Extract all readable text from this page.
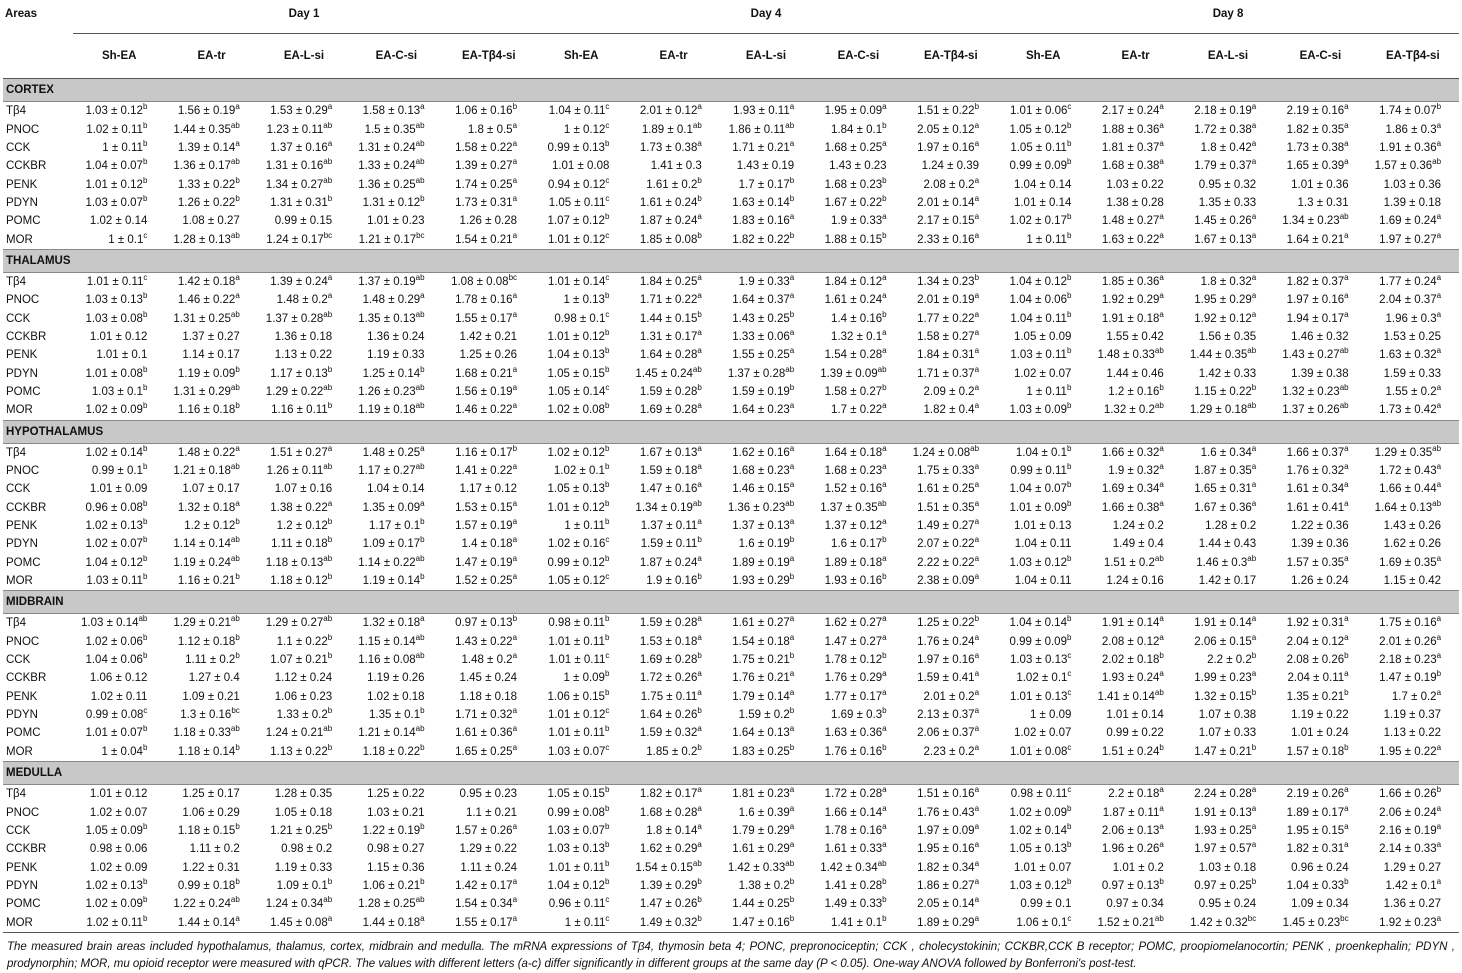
Areas	Day 1					Day 4					Day 8				
	Sh-EA	EA-tr	EA-L-si	EA-C-si	EA-Tβ4-si	Sh-EA	EA-tr	EA-L-si	EA-C-si	EA-Tβ4-si	Sh-EA	EA-tr	EA-L-si	EA-C-si	EA-Tβ4-si
CORTEX															
Tβ4	1.03 ± 0.12$^b$	1.56 ± 0.19$^a$	1.53 ± 0.29$^a$	1.58 ± 0.13$^a$	1.06 ± 0.16$^b$	1.04 ± 0.11$^c$	2.01 ± 0.12$^a$	1.93 ± 0.11$^a$	1.95 ± 0.09$^a$	1.51 ± 0.22$^b$	1.01 ± 0.06$^c$	2.17 ± 0.24$^a$	2.18 ± 0.19$^a$	2.19 ± 0.16$^a$	1.74 ± 0.07$^b$
PNOC	1.02 ± 0.11$^b$	1.44 ± 0.35$^{ab}$	1.23 ± 0.11$^{ab}$	1.5 ± 0.35$^{ab}$	1.8 ± 0.5$^a$	1 ± 0.12$^c$	1.89 ± 0.1$^{ab}$	1.86 ± 0.11$^{ab}$	1.84 ± 0.1$^b$	2.05 ± 0.12$^a$	1.05 ± 0.12$^b$	1.88 ± 0.36$^a$	1.72 ± 0.38$^a$	1.82 ± 0.35$^a$	1.86 ± 0.3$^a$
CCK	1 ± 0.11$^b$	1.39 ± 0.14$^a$	1.37 ± 0.16$^a$	1.31 ± 0.24$^{ab}$	1.58 ± 0.22$^a$	0.99 ± 0.13$^b$	1.73 ± 0.38$^a$	1.71 ± 0.21$^a$	1.68 ± 0.25$^a$	1.97 ± 0.16$^a$	1.05 ± 0.11$^b$	1.81 ± 0.37$^a$	1.8 ± 0.42$^a$	1.73 ± 0.38$^a$	1.91 ± 0.36$^a$
CCKBR	1.04 ± 0.07$^b$	1.36 ± 0.17$^{ab}$	1.31 ± 0.16$^{ab}$	1.33 ± 0.24$^{ab}$	1.39 ± 0.27$^a$	1.01 ± 0.08	1.41 ± 0.3	1.43 ± 0.19	1.43 ± 0.23	1.24 ± 0.39	0.99 ± 0.09$^b$	1.68 ± 0.38$^a$	1.79 ± 0.37$^a$	1.65 ± 0.39$^a$	1.57 ± 0.36$^{ab}$
PENK	1.01 ± 0.12$^b$	1.33 ± 0.22$^b$	1.34 ± 0.27$^{ab}$	1.36 ± 0.25$^{ab}$	1.74 ± 0.25$^a$	0.94 ± 0.12$^c$	1.61 ± 0.2$^b$	1.7 ± 0.17$^b$	1.68 ± 0.23$^b$	2.08 ± 0.2$^a$	1.04 ± 0.14	1.03 ± 0.22	0.95 ± 0.32	1.01 ± 0.36	1.03 ± 0.36
PDYN	1.03 ± 0.07$^b$	1.26 ± 0.22$^b$	1.31 ± 0.31$^b$	1.31 ± 0.12$^b$	1.73 ± 0.31$^a$	1.05 ± 0.11$^c$	1.61 ± 0.24$^b$	1.63 ± 0.14$^b$	1.67 ± 0.22$^b$	2.01 ± 0.14$^a$	1.01 ± 0.14	1.38 ± 0.28	1.35 ± 0.33	1.3 ± 0.31	1.39 ± 0.18
POMC	1.02 ± 0.14	1.08 ± 0.27	0.99 ± 0.15	1.01 ± 0.23	1.26 ± 0.28	1.07 ± 0.12$^b$	1.87 ± 0.24$^a$	1.83 ± 0.16$^a$	1.9 ± 0.33$^a$	2.17 ± 0.15$^a$	1.02 ± 0.17$^b$	1.48 ± 0.27$^a$	1.45 ± 0.26$^a$	1.34 ± 0.23$^{ab}$	1.69 ± 0.24$^a$
MOR	1 ± 0.1$^c$	1.28 ± 0.13$^{ab}$	1.24 ± 0.17$^{bc}$	1.21 ± 0.17$^{bc}$	1.54 ± 0.21$^a$	1.01 ± 0.12$^c$	1.85 ± 0.08$^b$	1.82 ± 0.22$^b$	1.88 ± 0.15$^b$	2.33 ± 0.16$^a$	1 ± 0.11$^b$	1.63 ± 0.22$^a$	1.67 ± 0.13$^a$	1.64 ± 0.21$^a$	1.97 ± 0.27$^a$
THALAMUS															
Tβ4	1.01 ± 0.11$^c$	1.42 ± 0.18$^a$	1.39 ± 0.24$^a$	1.37 ± 0.19$^{ab}$	1.08 ± 0.08$^{bc}$	1.01 ± 0.14$^c$	1.84 ± 0.25$^a$	1.9 ± 0.33$^a$	1.84 ± 0.12$^a$	1.34 ± 0.23$^b$	1.04 ± 0.12$^b$	1.85 ± 0.36$^a$	1.8 ± 0.32$^a$	1.82 ± 0.37$^a$	1.77 ± 0.24$^a$
PNOC	1.03 ± 0.13$^b$	1.46 ± 0.22$^a$	1.48 ± 0.2$^a$	1.48 ± 0.29$^a$	1.78 ± 0.16$^a$	1 ± 0.13$^b$	1.71 ± 0.22$^a$	1.64 ± 0.37$^a$	1.61 ± 0.24$^a$	2.01 ± 0.19$^a$	1.04 ± 0.06$^b$	1.92 ± 0.29$^a$	1.95 ± 0.29$^a$	1.97 ± 0.16$^a$	2.04 ± 0.37$^a$
CCK	1.03 ± 0.08$^b$	1.31 ± 0.25$^{ab}$	1.37 ± 0.28$^{ab}$	1.35 ± 0.13$^{ab}$	1.55 ± 0.17$^a$	0.98 ± 0.1$^c$	1.44 ± 0.15$^b$	1.43 ± 0.25$^b$	1.4 ± 0.16$^b$	1.77 ± 0.22$^a$	1.04 ± 0.11$^b$	1.91 ± 0.18$^a$	1.92 ± 0.12$^a$	1.94 ± 0.17$^a$	1.96 ± 0.3$^a$
CCKBR	1.01 ± 0.12	1.37 ± 0.27	1.36 ± 0.18	1.36 ± 0.24	1.42 ± 0.21	1.01 ± 0.12$^b$	1.31 ± 0.17$^a$	1.33 ± 0.06$^a$	1.32 ± 0.1$^a$	1.58 ± 0.27$^a$	1.05 ± 0.09	1.55 ± 0.42	1.56 ± 0.35	1.46 ± 0.32	1.53 ± 0.25
PENK	1.01 ± 0.1	1.14 ± 0.17	1.13 ± 0.22	1.19 ± 0.33	1.25 ± 0.26	1.04 ± 0.13$^b$	1.64 ± 0.28$^a$	1.55 ± 0.25$^a$	1.54 ± 0.28$^a$	1.84 ± 0.31$^a$	1.03 ± 0.11$^b$	1.48 ± 0.33$^{ab}$	1.44 ± 0.35$^{ab}$	1.43 ± 0.27$^{ab}$	1.63 ± 0.32$^a$
PDYN	1.01 ± 0.08$^b$	1.19 ± 0.09$^b$	1.17 ± 0.13$^b$	1.25 ± 0.14$^b$	1.68 ± 0.21$^a$	1.05 ± 0.15$^b$	1.45 ± 0.24$^{ab}$	1.37 ± 0.28$^{ab}$	1.39 ± 0.09$^{ab}$	1.71 ± 0.37$^a$	1.02 ± 0.07	1.44 ± 0.46	1.42 ± 0.33	1.39 ± 0.38	1.59 ± 0.33
POMC	1.03 ± 0.1$^b$	1.31 ± 0.29$^{ab}$	1.29 ± 0.22$^{ab}$	1.26 ± 0.23$^{ab}$	1.56 ± 0.19$^a$	1.05 ± 0.14$^c$	1.59 ± 0.28$^b$	1.59 ± 0.19$^b$	1.58 ± 0.27$^b$	2.09 ± 0.2$^a$	1 ± 0.11$^b$	1.2 ± 0.16$^b$	1.15 ± 0.22$^b$	1.32 ± 0.23$^{ab}$	1.55 ± 0.2$^a$
MOR	1.02 ± 0.09$^b$	1.16 ± 0.18$^b$	1.16 ± 0.11$^b$	1.19 ± 0.18$^{ab}$	1.46 ± 0.22$^a$	1.02 ± 0.08$^b$	1.69 ± 0.28$^a$	1.64 ± 0.23$^a$	1.7 ± 0.22$^a$	1.82 ± 0.4$^a$	1.03 ± 0.09$^b$	1.32 ± 0.2$^{ab}$	1.29 ± 0.18$^{ab}$	1.37 ± 0.26$^{ab}$	1.73 ± 0.42$^a$
HYPOTHALAMUS															
Tβ4	1.02 ± 0.14$^b$	1.48 ± 0.22$^a$	1.51 ± 0.27$^a$	1.48 ± 0.25$^a$	1.16 ± 0.17$^b$	1.02 ± 0.12$^b$	1.67 ± 0.13$^a$	1.62 ± 0.16$^a$	1.64 ± 0.18$^a$	1.24 ± 0.08$^{ab}$	1.04 ± 0.1$^b$	1.66 ± 0.32$^a$	1.6 ± 0.34$^a$	1.66 ± 0.37$^a$	1.29 ± 0.35$^{ab}$
PNOC	0.99 ± 0.1$^b$	1.21 ± 0.18$^{ab}$	1.26 ± 0.11$^{ab}$	1.17 ± 0.27$^{ab}$	1.41 ± 0.22$^a$	1.02 ± 0.1$^b$	1.59 ± 0.18$^a$	1.68 ± 0.23$^a$	1.68 ± 0.23$^a$	1.75 ± 0.33$^a$	0.99 ± 0.11$^b$	1.9 ± 0.32$^a$	1.87 ± 0.35$^a$	1.76 ± 0.32$^a$	1.72 ± 0.43$^a$
CCK	1.01 ± 0.09	1.07 ± 0.17	1.07 ± 0.16	1.04 ± 0.14	1.17 ± 0.12	1.05 ± 0.13$^b$	1.47 ± 0.16$^a$	1.46 ± 0.15$^a$	1.52 ± 0.16$^a$	1.61 ± 0.25$^a$	1.04 ± 0.07$^b$	1.69 ± 0.34$^a$	1.65 ± 0.31$^a$	1.61 ± 0.34$^a$	1.66 ± 0.44$^a$
CCKBR	0.96 ± 0.08$^b$	1.32 ± 0.18$^a$	1.38 ± 0.22$^a$	1.35 ± 0.09$^a$	1.53 ± 0.15$^a$	1.01 ± 0.12$^b$	1.34 ± 0.19$^{ab}$	1.36 ± 0.23$^{ab}$	1.37 ± 0.35$^{ab}$	1.51 ± 0.35$^a$	1.01 ± 0.09$^b$	1.66 ± 0.38$^a$	1.67 ± 0.36$^a$	1.61 ± 0.41$^a$	1.64 ± 0.13$^{ab}$
PENK	1.02 ± 0.13$^b$	1.2 ± 0.12$^b$	1.2 ± 0.12$^b$	1.17 ± 0.1$^b$	1.57 ± 0.19$^a$	1 ± 0.11$^b$	1.37 ± 0.11$^a$	1.37 ± 0.13$^a$	1.37 ± 0.12$^a$	1.49 ± 0.27$^a$	1.01 ± 0.13	1.24 ± 0.2	1.28 ± 0.2	1.22 ± 0.36	1.43 ± 0.26
PDYN	1.02 ± 0.07$^b$	1.14 ± 0.14$^{ab}$	1.11 ± 0.18$^b$	1.09 ± 0.17$^b$	1.4 ± 0.18$^a$	1.02 ± 0.16$^c$	1.59 ± 0.11$^b$	1.6 ± 0.19$^b$	1.6 ± 0.17$^b$	2.07 ± 0.22$^a$	1.04 ± 0.11	1.49 ± 0.4	1.44 ± 0.43	1.39 ± 0.36	1.62 ± 0.26
POMC	1.04 ± 0.12$^b$	1.19 ± 0.24$^{ab}$	1.18 ± 0.13$^{ab}$	1.14 ± 0.22$^{ab}$	1.47 ± 0.19$^a$	0.99 ± 0.12$^b$	1.87 ± 0.24$^a$	1.89 ± 0.19$^a$	1.89 ± 0.18$^a$	2.22 ± 0.22$^a$	1.03 ± 0.12$^b$	1.51 ± 0.2$^{ab}$	1.46 ± 0.3$^{ab}$	1.57 ± 0.35$^a$	1.69 ± 0.35$^a$
MOR	1.03 ± 0.11$^b$	1.16 ± 0.21$^b$	1.18 ± 0.12$^b$	1.19 ± 0.14$^b$	1.52 ± 0.25$^a$	1.05 ± 0.12$^c$	1.9 ± 0.16$^b$	1.93 ± 0.29$^b$	1.93 ± 0.16$^b$	2.38 ± 0.09$^a$	1.04 ± 0.11	1.24 ± 0.16	1.42 ± 0.17	1.26 ± 0.24	1.15 ± 0.42
MIDBRAIN															
Tβ4	1.03 ± 0.14$^{ab}$	1.29 ± 0.21$^{ab}$	1.29 ± 0.27$^{ab}$	1.32 ± 0.18$^a$	0.97 ± 0.13$^b$	0.98 ± 0.11$^b$	1.59 ± 0.28$^a$	1.61 ± 0.27$^a$	1.62 ± 0.27$^a$	1.25 ± 0.22$^b$	1.04 ± 0.14$^b$	1.91 ± 0.14$^a$	1.91 ± 0.14$^a$	1.92 ± 0.31$^a$	1.75 ± 0.16$^a$
PNOC	1.02 ± 0.06$^b$	1.12 ± 0.18$^b$	1.1 ± 0.22$^b$	1.15 ± 0.14$^{ab}$	1.43 ± 0.22$^a$	1.01 ± 0.11$^b$	1.53 ± 0.18$^a$	1.54 ± 0.18$^a$	1.47 ± 0.27$^a$	1.76 ± 0.24$^a$	0.99 ± 0.09$^b$	2.08 ± 0.12$^a$	2.06 ± 0.15$^a$	2.04 ± 0.12$^a$	2.01 ± 0.26$^a$
CCK	1.04 ± 0.06$^b$	1.11 ± 0.2$^b$	1.07 ± 0.21$^b$	1.16 ± 0.08$^{ab}$	1.48 ± 0.2$^a$	1.01 ± 0.11$^c$	1.69 ± 0.28$^b$	1.75 ± 0.21$^b$	1.78 ± 0.12$^b$	1.97 ± 0.16$^a$	1.03 ± 0.13$^c$	2.02 ± 0.18$^b$	2.2 ± 0.2$^b$	2.08 ± 0.26$^b$	2.18 ± 0.23$^a$
CCKBR	1.06 ± 0.12	1.27 ± 0.4	1.12 ± 0.24	1.19 ± 0.26	1.45 ± 0.24	1 ± 0.09$^b$	1.72 ± 0.26$^a$	1.76 ± 0.21$^a$	1.76 ± 0.29$^a$	1.59 ± 0.41$^a$	1.02 ± 0.1$^c$	1.93 ± 0.24$^a$	1.99 ± 0.23$^a$	2.04 ± 0.11$^a$	1.47 ± 0.19$^b$
PENK	1.02 ± 0.11	1.09 ± 0.21	1.06 ± 0.23	1.02 ± 0.18	1.18 ± 0.18	1.06 ± 0.15$^b$	1.75 ± 0.11$^a$	1.79 ± 0.14$^a$	1.77 ± 0.17$^a$	2.01 ± 0.2$^a$	1.01 ± 0.13$^c$	1.41 ± 0.14$^{ab}$	1.32 ± 0.15$^b$	1.35 ± 0.21$^b$	1.7 ± 0.2$^a$
PDYN	0.99 ± 0.08$^c$	1.3 ± 0.16$^{bc}$	1.33 ± 0.2$^b$	1.35 ± 0.1$^b$	1.71 ± 0.32$^a$	1.01 ± 0.12$^c$	1.64 ± 0.26$^b$	1.59 ± 0.2$^b$	1.69 ± 0.3$^b$	2.13 ± 0.37$^a$	1 ± 0.09	1.01 ± 0.14	1.07 ± 0.38	1.19 ± 0.22	1.19 ± 0.37
POMC	1.01 ± 0.07$^b$	1.18 ± 0.33$^{ab}$	1.24 ± 0.21$^{ab}$	1.21 ± 0.14$^{ab}$	1.61 ± 0.36$^a$	1.01 ± 0.11$^b$	1.59 ± 0.32$^a$	1.64 ± 0.13$^a$	1.63 ± 0.36$^a$	2.06 ± 0.37$^a$	1.02 ± 0.07	0.99 ± 0.22	1.07 ± 0.33	1.01 ± 0.24	1.13 ± 0.22
MOR	1 ± 0.04$^b$	1.18 ± 0.14$^b$	1.13 ± 0.22$^b$	1.18 ± 0.22$^b$	1.65 ± 0.25$^a$	1.03 ± 0.07$^c$	1.85 ± 0.2$^b$	1.83 ± 0.25$^b$	1.76 ± 0.16$^b$	2.23 ± 0.2$^a$	1.01 ± 0.08$^c$	1.51 ± 0.24$^b$	1.47 ± 0.21$^b$	1.57 ± 0.18$^b$	1.95 ± 0.22$^a$
MEDULLA															
Tβ4	1.01 ± 0.12	1.25 ± 0.17	1.28 ± 0.35	1.25 ± 0.22	0.95 ± 0.23	1.05 ± 0.15$^b$	1.82 ± 0.17$^a$	1.81 ± 0.23$^a$	1.72 ± 0.28$^a$	1.51 ± 0.16$^a$	0.98 ± 0.11$^c$	2.2 ± 0.18$^a$	2.24 ± 0.28$^a$	2.19 ± 0.26$^a$	1.66 ± 0.26$^b$
PNOC	1.02 ± 0.07	1.06 ± 0.29	1.05 ± 0.18	1.03 ± 0.21	1.1 ± 0.21	0.99 ± 0.08$^b$	1.68 ± 0.28$^a$	1.6 ± 0.39$^a$	1.66 ± 0.14$^a$	1.76 ± 0.43$^a$	1.02 ± 0.09$^b$	1.87 ± 0.11$^a$	1.91 ± 0.13$^a$	1.89 ± 0.17$^a$	2.06 ± 0.24$^a$
CCK	1.05 ± 0.09$^b$	1.18 ± 0.15$^b$	1.21 ± 0.25$^b$	1.22 ± 0.19$^b$	1.57 ± 0.26$^a$	1.03 ± 0.07$^b$	1.8 ± 0.14$^a$	1.79 ± 0.29$^a$	1.78 ± 0.16$^a$	1.97 ± 0.09$^a$	1.02 ± 0.14$^b$	2.06 ± 0.13$^a$	1.93 ± 0.25$^a$	1.95 ± 0.15$^a$	2.16 ± 0.19$^a$
CCKBR	0.98 ± 0.06	1.11 ± 0.2	0.98 ± 0.2	0.98 ± 0.27	1.29 ± 0.22	1.03 ± 0.13$^b$	1.62 ± 0.29$^a$	1.61 ± 0.29$^a$	1.61 ± 0.33$^a$	1.95 ± 0.16$^a$	1.05 ± 0.13$^b$	1.96 ± 0.26$^a$	1.97 ± 0.57$^a$	1.82 ± 0.31$^a$	2.14 ± 0.33$^a$
PENK	1.02 ± 0.09	1.22 ± 0.31	1.19 ± 0.33	1.15 ± 0.36	1.11 ± 0.24	1.01 ± 0.11$^b$	1.54 ± 0.15$^{ab}$	1.42 ± 0.33$^{ab}$	1.42 ± 0.34$^{ab}$	1.82 ± 0.34$^a$	1.01 ± 0.07	1.01 ± 0.2	1.03 ± 0.18	0.96 ± 0.24	1.29 ± 0.27
PDYN	1.02 ± 0.13$^b$	0.99 ± 0.18$^b$	1.09 ± 0.1$^b$	1.06 ± 0.21$^b$	1.42 ± 0.17$^a$	1.04 ± 0.12$^b$	1.39 ± 0.29$^b$	1.38 ± 0.2$^b$	1.41 ± 0.28$^b$	1.86 ± 0.27$^a$	1.03 ± 0.12$^b$	0.97 ± 0.13$^b$	0.97 ± 0.25$^b$	1.04 ± 0.33$^b$	1.42 ± 0.1$^a$
POMC	1.02 ± 0.09$^b$	1.22 ± 0.24$^{ab}$	1.24 ± 0.34$^{ab}$	1.28 ± 0.25$^{ab}$	1.54 ± 0.34$^a$	0.96 ± 0.11$^c$	1.47 ± 0.26$^b$	1.44 ± 0.25$^b$	1.49 ± 0.33$^b$	2.05 ± 0.14$^a$	0.99 ± 0.1	0.97 ± 0.34	0.95 ± 0.24	1.09 ± 0.34	1.36 ± 0.27
MOR	1.02 ± 0.11$^b$	1.44 ± 0.14$^a$	1.45 ± 0.08$^a$	1.44 ± 0.18$^a$	1.55 ± 0.17$^a$	1 ± 0.11$^c$	1.49 ± 0.32$^b$	1.47 ± 0.16$^b$	1.41 ± 0.1$^b$	1.89 ± 0.29$^a$	1.06 ± 0.1$^c$	1.52 ± 0.21$^{ab}$	1.42 ± 0.32$^{bc}$	1.45 ± 0.23$^{bc}$	1.92 ± 0.23$^a$
The measured brain areas included hypothalamus, thalamus, cortex, midbrain and medulla. The mRNA expressions of Tβ4, thymosin beta 4; PONC, prepronociceptin; CCK , cholecystokinin; CCKBR,CCK B receptor; POMC, proopiomelanocortin; PENK , proenkephalin; PDYN , prodynorphin; MOR, mu opioid receptor were measured with qPCR. The values with different letters (a-c) differ significantly in different groups at the same day (P < 0.05). One-way ANOVA followed by Bonferroni's post-test.
